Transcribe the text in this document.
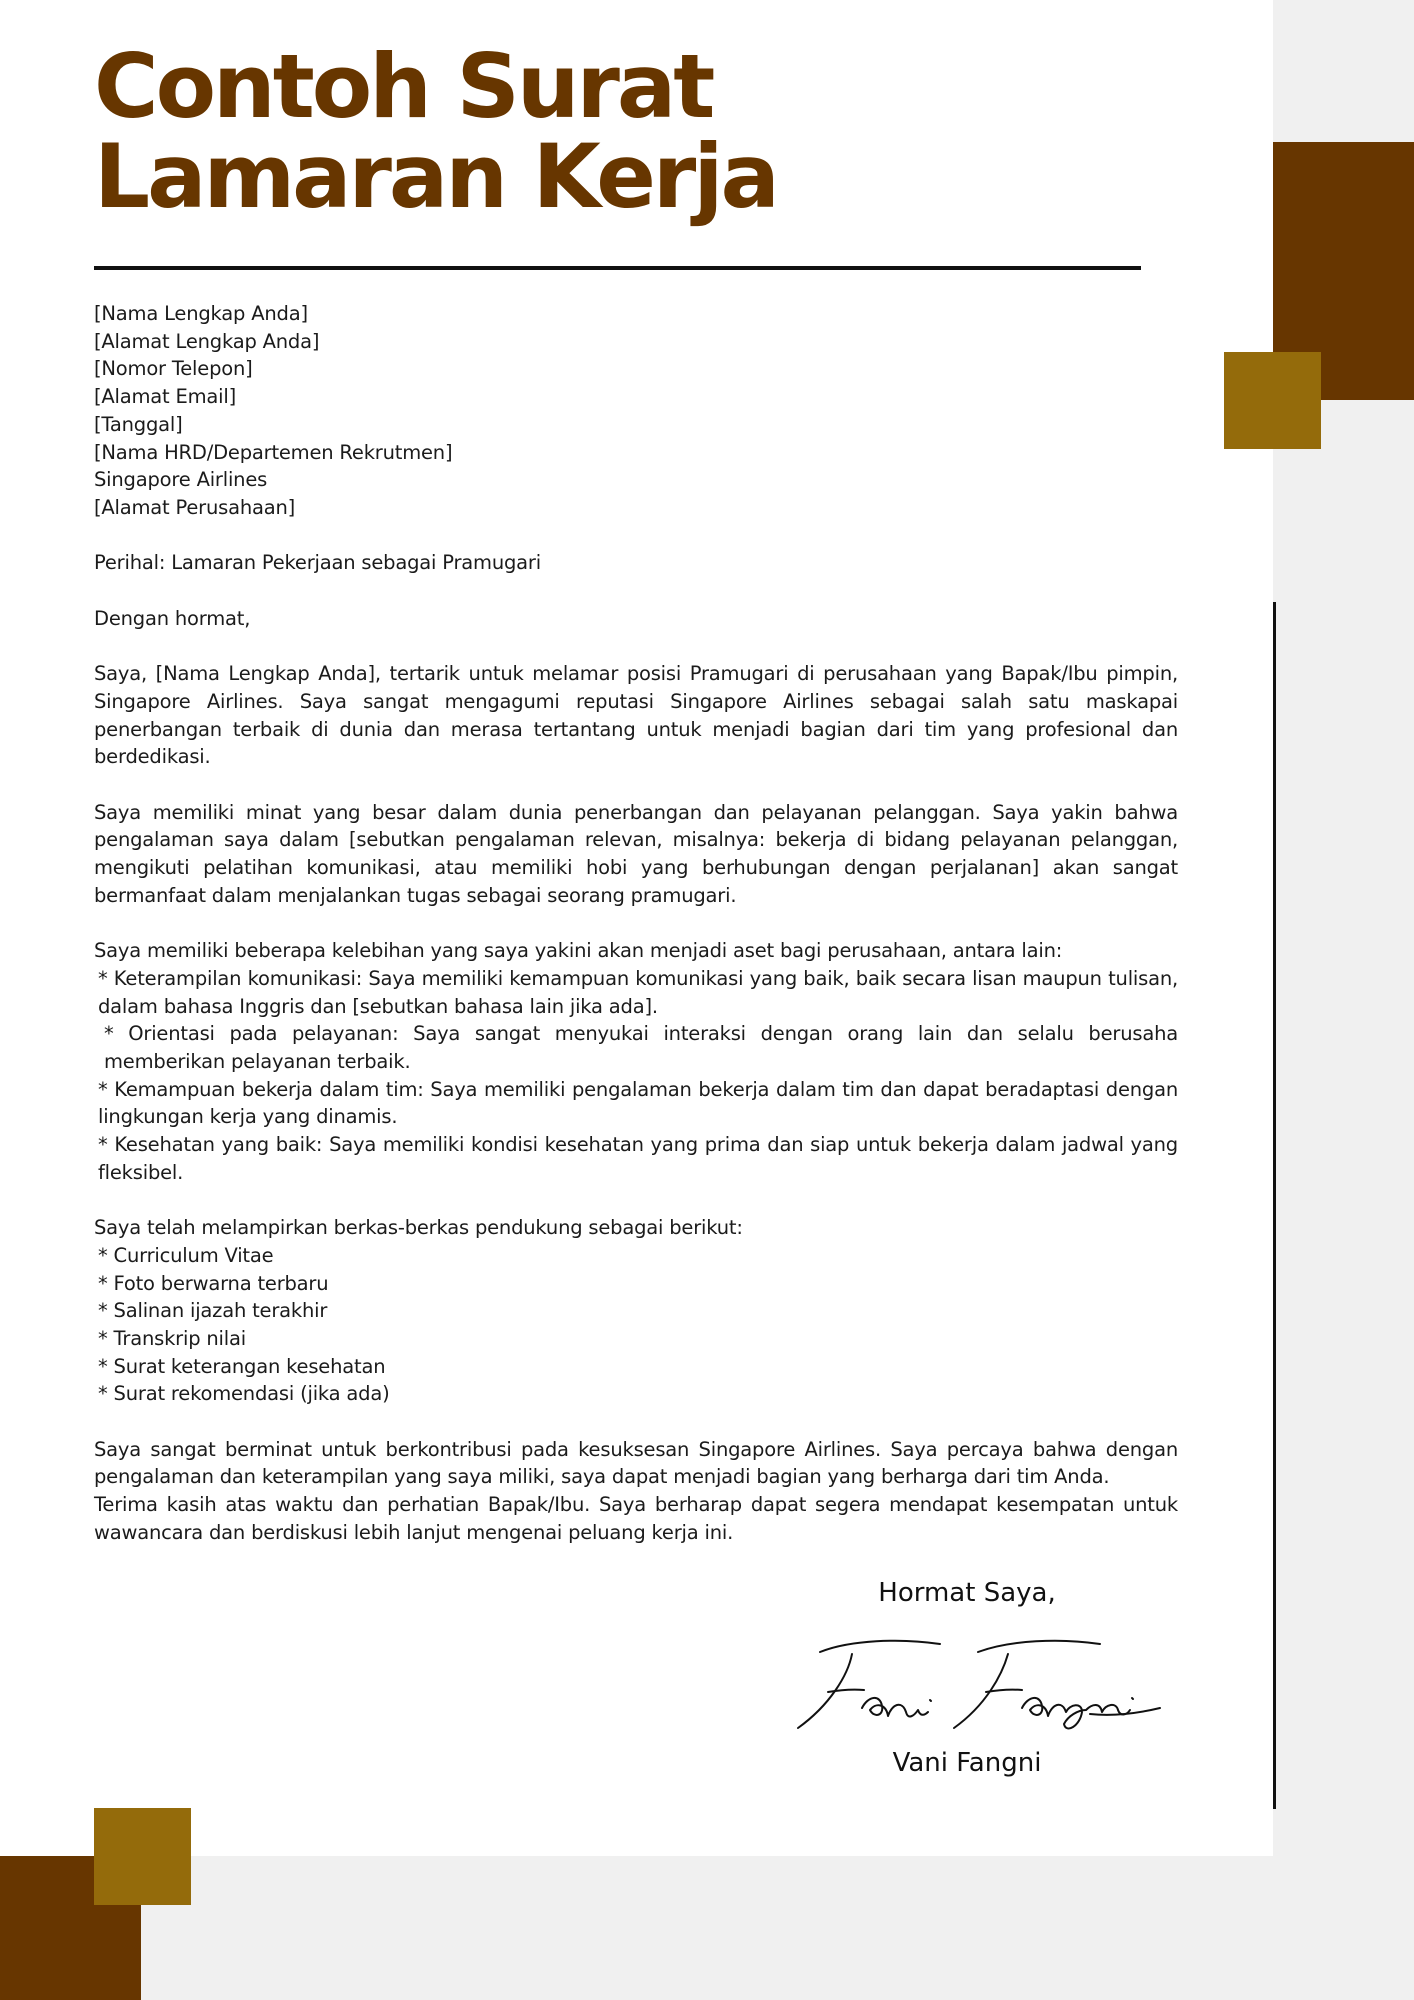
Contoh Surat
Lamaran Kerja

[Nama Lengkap Anda]

[Alamat Lengkap Anda]

[Nomor Telepon]

[Alamat Email]

[Tanggal]

[Nama HRD/Departemen Rekrutmen]

Singapore Airlines

[Alamat Perusahaan]

Perihal: Lamaran Pekerjaan sebagai Pramugari

Dengan hormat,

Saya, [Nama Lengkap Anda], tertarik untuk melamar posisi Pramugari di perusahaan yang Bapak/Ibu pimpin, Singapore Airlines. Saya sangat mengagumi reputasi Singapore Airlines sebagai salah satu maskapai penerbangan terbaik di dunia dan merasa tertantang untuk menjadi bagian dari tim yang profesional dan berdedikasi.

Saya memiliki minat yang besar dalam dunia penerbangan dan pelayanan pelanggan. Saya yakin bahwa pengalaman saya dalam [sebutkan pengalaman relevan, misalnya: bekerja di bidang pelayanan pelanggan, mengikuti pelatihan komunikasi, atau memiliki hobi yang berhubungan dengan perjalanan] akan sangat bermanfaat dalam menjalankan tugas sebagai seorang pramugari.

Saya memiliki beberapa kelebihan yang saya yakini akan menjadi aset bagi perusahaan, antara lain:

* Keterampilan komunikasi: Saya memiliki kemampuan komunikasi yang baik, baik secara lisan maupun tulisan, dalam bahasa Inggris dan [sebutkan bahasa lain jika ada].

* Orientasi pada pelayanan: Saya sangat menyukai interaksi dengan orang lain dan selalu berusaha memberikan pelayanan terbaik.

* Kemampuan bekerja dalam tim: Saya memiliki pengalaman bekerja dalam tim dan dapat beradaptasi dengan lingkungan kerja yang dinamis.

* Kesehatan yang baik: Saya memiliki kondisi kesehatan yang prima dan siap untuk bekerja dalam jadwal yang fleksibel.

Saya telah melampirkan berkas-berkas pendukung sebagai berikut:

* Curriculum Vitae

* Foto berwarna terbaru

* Salinan ijazah terakhir

* Transkrip nilai

* Surat keterangan kesehatan

* Surat rekomendasi (jika ada)

Saya sangat berminat untuk berkontribusi pada kesuksesan Singapore Airlines. Saya percaya bahwa dengan pengalaman dan keterampilan yang saya miliki, saya dapat menjadi bagian yang berharga dari tim Anda.

Terima kasih atas waktu dan perhatian Bapak/Ibu. Saya berharap dapat segera mendapat kesempatan untuk wawancara dan berdiskusi lebih lanjut mengenai peluang kerja ini.

Hormat Saya,
Vani Fangni
